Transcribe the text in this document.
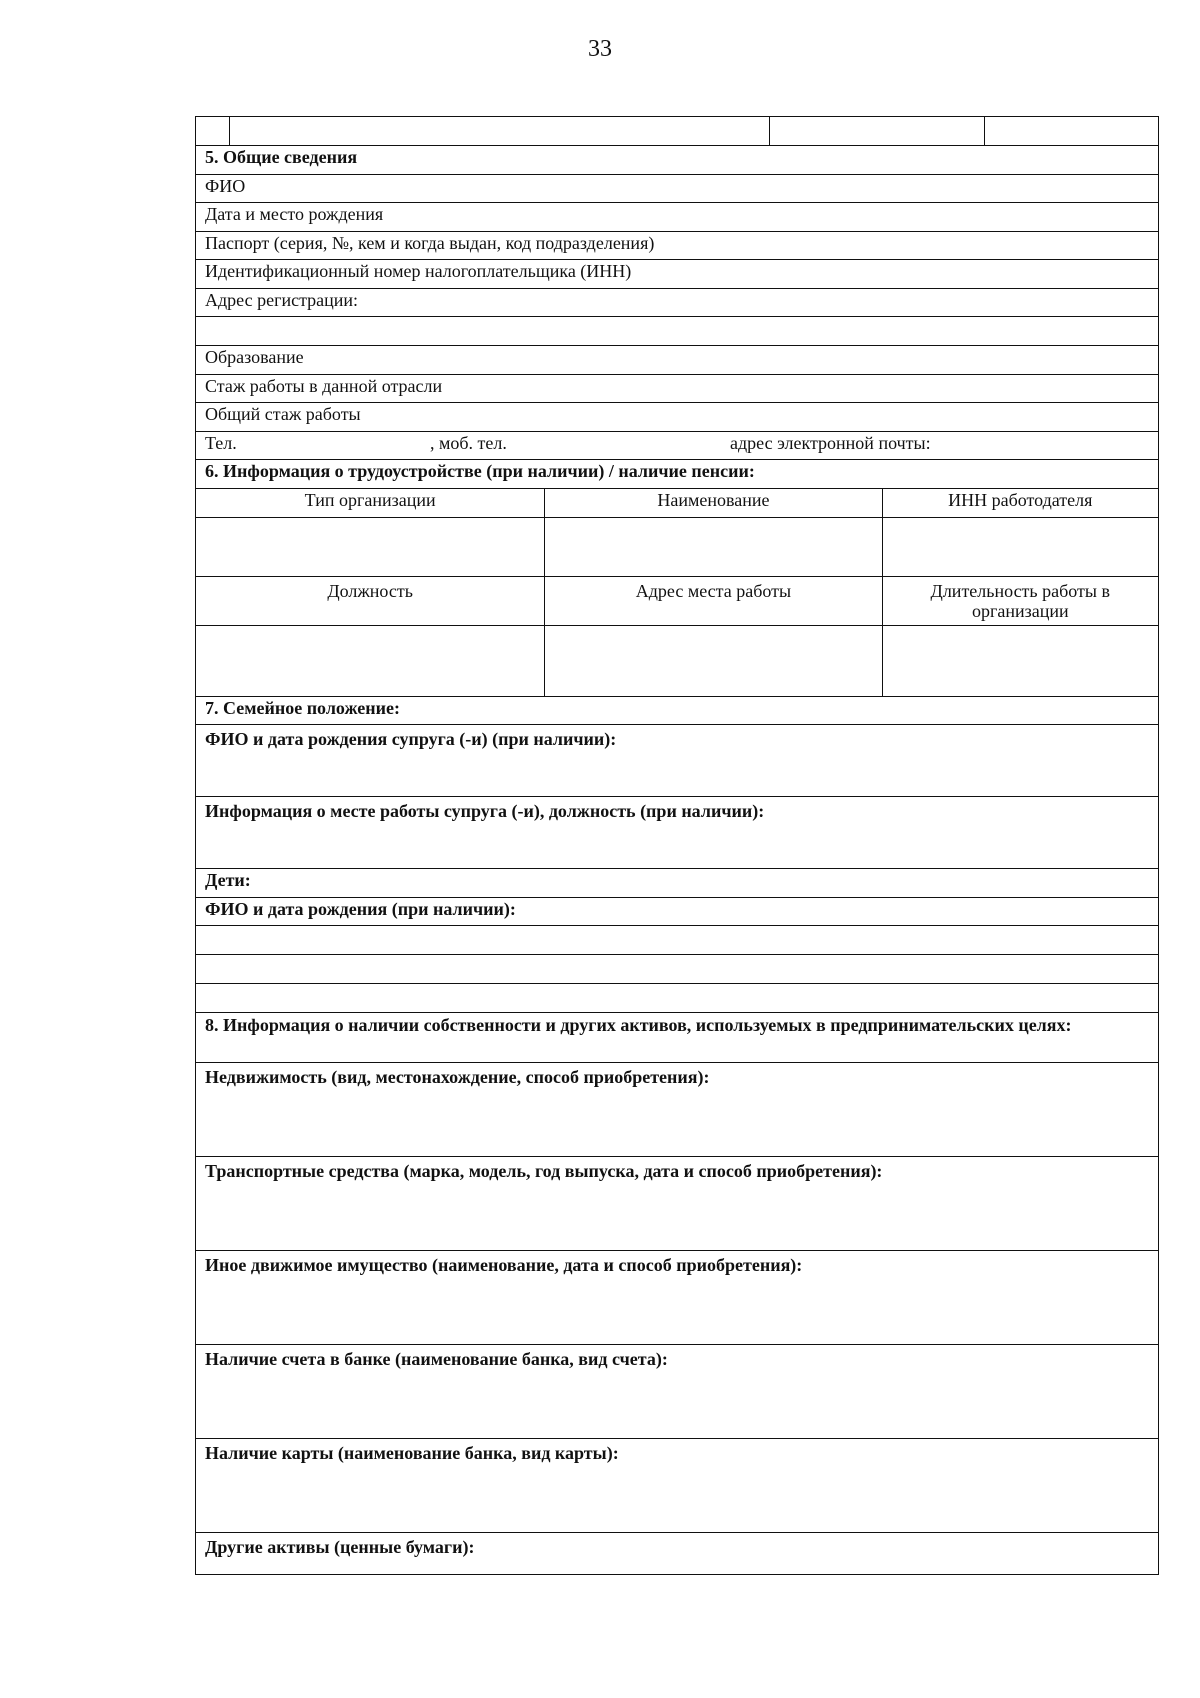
33
5. Общие сведения
ФИО
Дата и место рождения
Паспорт (серия, №, кем и когда выдан, код подразделения)
Идентификационный номер налогоплательщика (ИНН)
Адрес регистрации:
Образование
Стаж работы в данной отрасли
Общий стаж работы
Тел.	, моб. тел.	адрес электронной почты:
6. Информация о трудоустройстве (при наличии) / наличие пенсии:
Тип организации	Наименование	ИНН работодателя
Должность	Адрес места работы	Длительность работы в организации
7. Семейное положение:
ФИО и дата рождения супруга (-и) (при наличии):
Информация о месте работы супруга (-и), должность (при наличии):
Дети:
ФИО и дата рождения (при наличии):
8. Информация о наличии собственности и других активов, используемых в предпринимательских целях:
Недвижимость (вид, местонахождение, способ приобретения):
Транспортные средства (марка, модель, год выпуска, дата и способ приобретения):
Иное движимое имущество (наименование, дата и способ приобретения):
Наличие счета в банке (наименование банка, вид счета):
Наличие карты (наименование банка, вид карты):
Другие активы (ценные бумаги):
